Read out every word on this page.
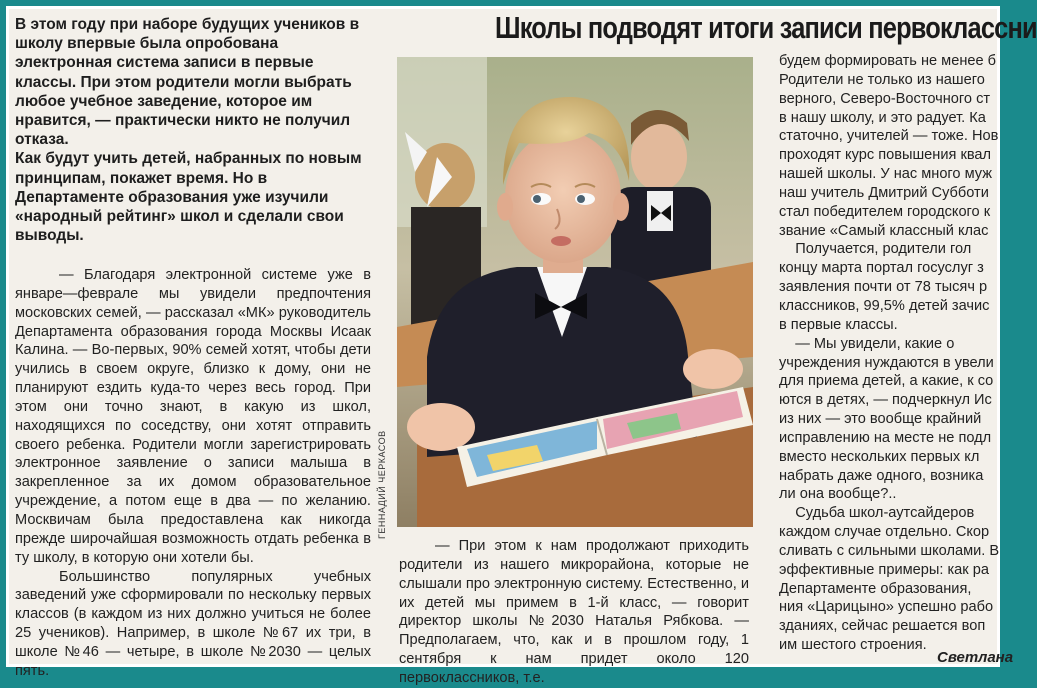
Школы подводят итоги записи первоклассни

В этом году при наборе будущих учеников в школу впервые была опробована электронная система записи в первые классы. При этом родители могли выбрать любое учебное заведение, которое им нравится, — практически никто не получил отказа.

Как будут учить детей, набранных по новым принципам, покажет время. Но в Департаменте образования уже изучили «народный рейтинг» школ и сделали свои выводы.

— Благодаря электронной системе уже в январе—феврале мы увидели предпочтения московских семей, — рассказал «МК» руководитель Департамента образования города Москвы Исаак Калина. — Во-первых, 90% семей хотят, чтобы дети учились в своем округе, близко к дому, они не планируют ездить куда-то через весь город. При этом они точно знают, в какую из школ, находящихся по соседству, они хотят отправить своего ребенка. Родители могли зарегистрировать электронное заявление о записи малыша в закрепленное за их домом образовательное учреждение, а потом еще в два — по желанию. Москвичам была предоставлена как никогда прежде широчайшая возможность отдать ребенка в ту школу, в которую они хотели бы.

Большинство популярных учебных заведений уже сформировали по нескольку первых классов (в каждом из них должно учиться не более 25 учеников). Например, в школе №67 их три, в школе №46 — четыре, в школе №2030 — целых пять.

ГЕННАДИЙ ЧЕРКАСОВ

— При этом к нам продолжают приходить родители из нашего микрорайона, которые не слышали про электронную систему. Естественно, и их детей мы примем в 1-й класс, — говорит директор школы №2030 Наталья Рябкова. — Предполагаем, что, как и в прошлом году, 1 сентября к нам придет около 120 первоклассников, т.е.

будем формировать не менее б

Родители не только из нашего

верного, Северо-Восточного ст

в нашу школу, и это радует. Ка

статочно, учителей — тоже. Нов

проходят курс повышения квал

нашей школы. У нас много муж

наш учитель Дмитрий Субботи

стал победителем городского к

звание «Самый классный клас

Получается, родители гол

концу марта портал госуслуг з

заявления почти от 78 тысяч р

классников, 99,5% детей зачис

в первые классы.

— Мы увидели, какие о

учреждения нуждаются в увели

для приема детей, а какие, к со

ются в детях, — подчеркнул Ис

из них — это вообще крайний

исправлению на месте не подл

вместо нескольких первых кл

набрать даже одного, возника

ли она вообще?..

Судьба школ-аутсайдеров

каждом случае отдельно. Скор

сливать с сильными школами. В

эффективные примеры: как ра

Департаменте образования,

ния «Царицыно» успешно рабо

зданиях, сейчас решается воп

им шестого строения.

Светлана
